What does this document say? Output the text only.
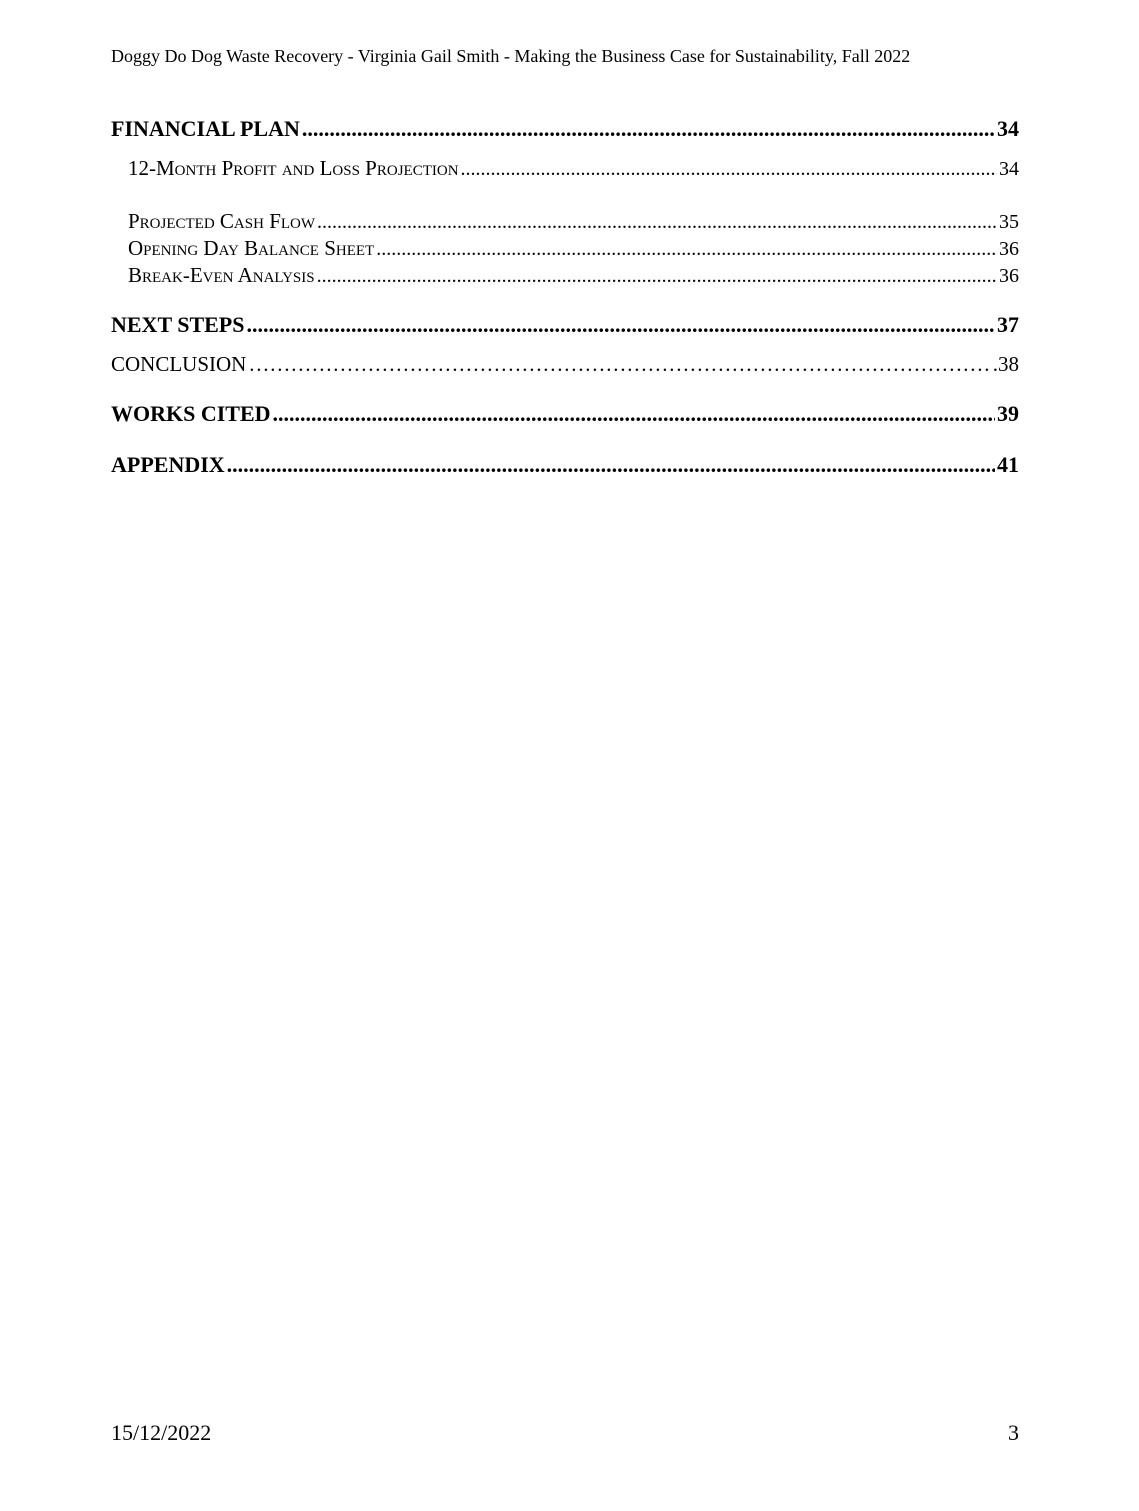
Doggy Do Dog Waste Recovery - Virginia Gail Smith - Making the Business Case for Sustainability, Fall 2022
FINANCIAL PLAN .....	34
12-Month Profit and Loss Projection .....	34
Projected Cash Flow .....	35
Opening Day Balance Sheet .....	36
Break-Even Analysis .....	36
NEXT STEPS .....	37
CONCLUSION ……………………………………………………………………………………………………………………………………………………	.38
WORKS CITED .....	39
APPENDIX .....	41
15/12/2022	3
